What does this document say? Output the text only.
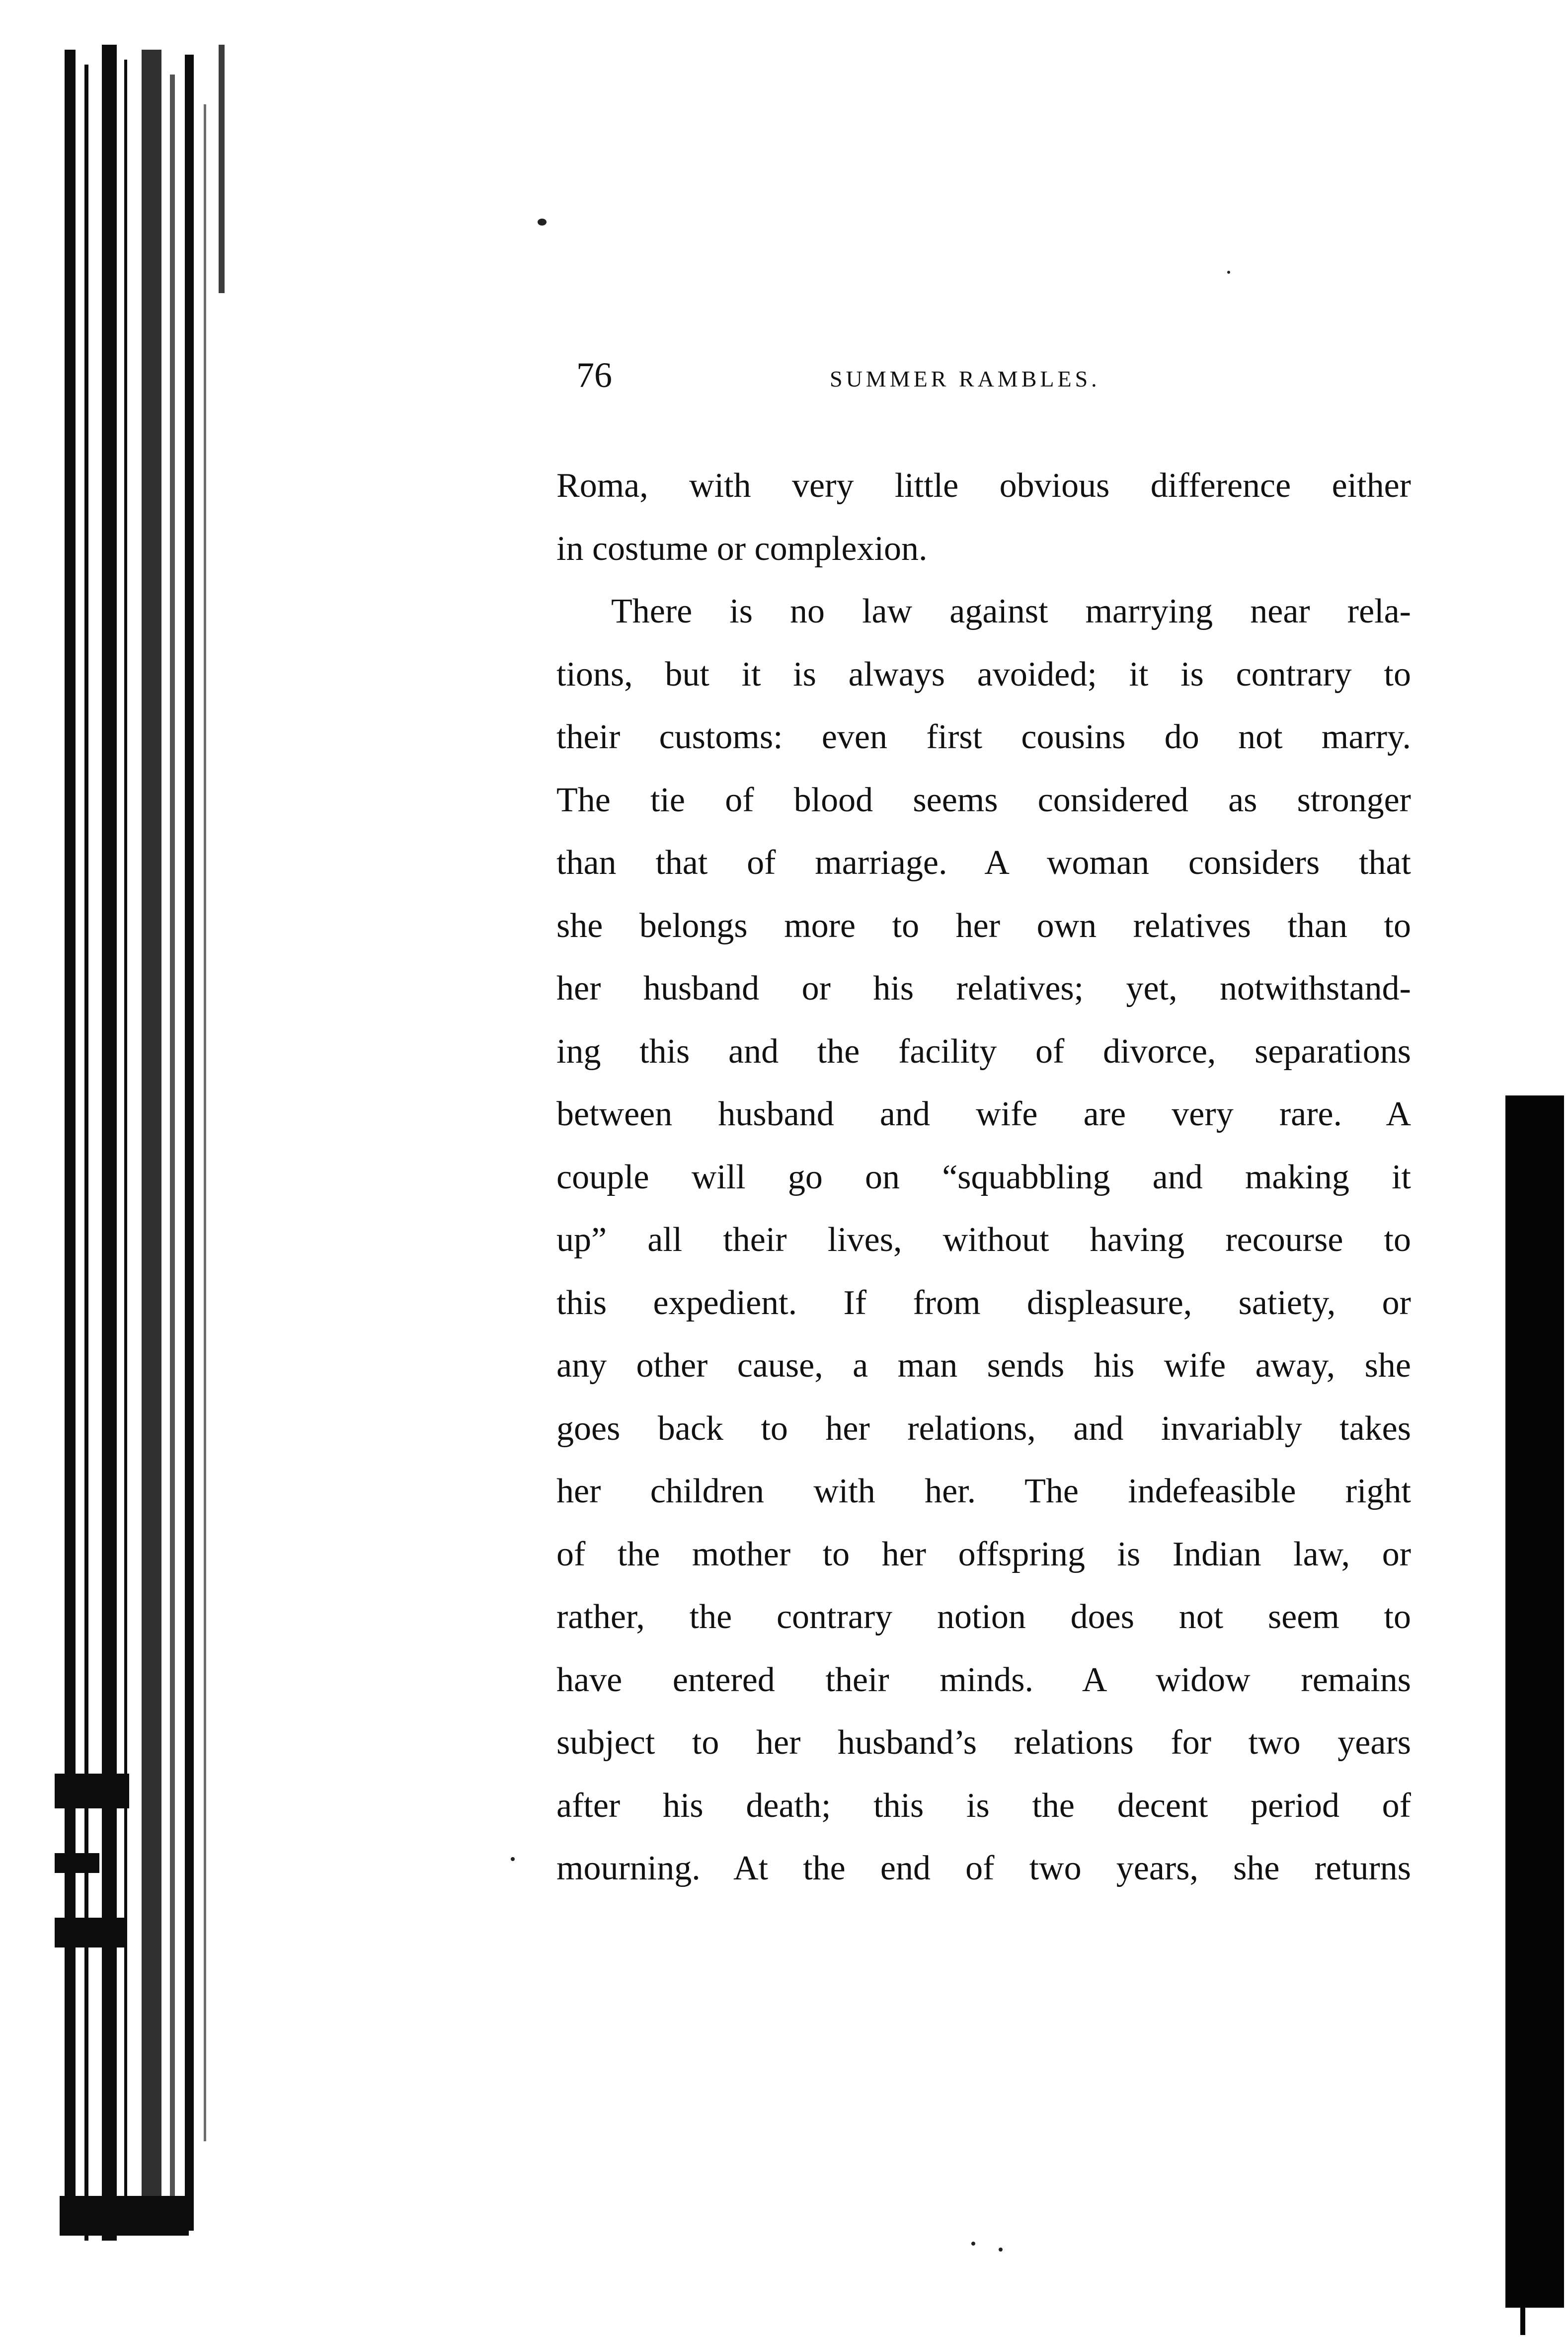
76	SUMMER RAMBLES.
Roma, with very little obvious difference either
in costume or complexion.
There is no law against marrying near rela-
tions, but it is always avoided; it is contrary to
their customs: even first cousins do not marry.
The tie of blood seems considered as stronger
than that of marriage. A woman considers that
she belongs more to her own relatives than to
her husband or his relatives; yet, notwithstand-
ing this and the facility of divorce, separations
between husband and wife are very rare. A
couple will go on “squabbling and making it
up” all their lives, without having recourse to
this expedient. If from displeasure, satiety, or
any other cause, a man sends his wife away, she
goes back to her relations, and invariably takes
her children with her. The indefeasible right
of the mother to her offspring is Indian law, or
rather, the contrary notion does not seem to
have entered their minds. A widow remains
subject to her husband’s relations for two years
after his death; this is the decent period of
mourning. At the end of two years, she returns
